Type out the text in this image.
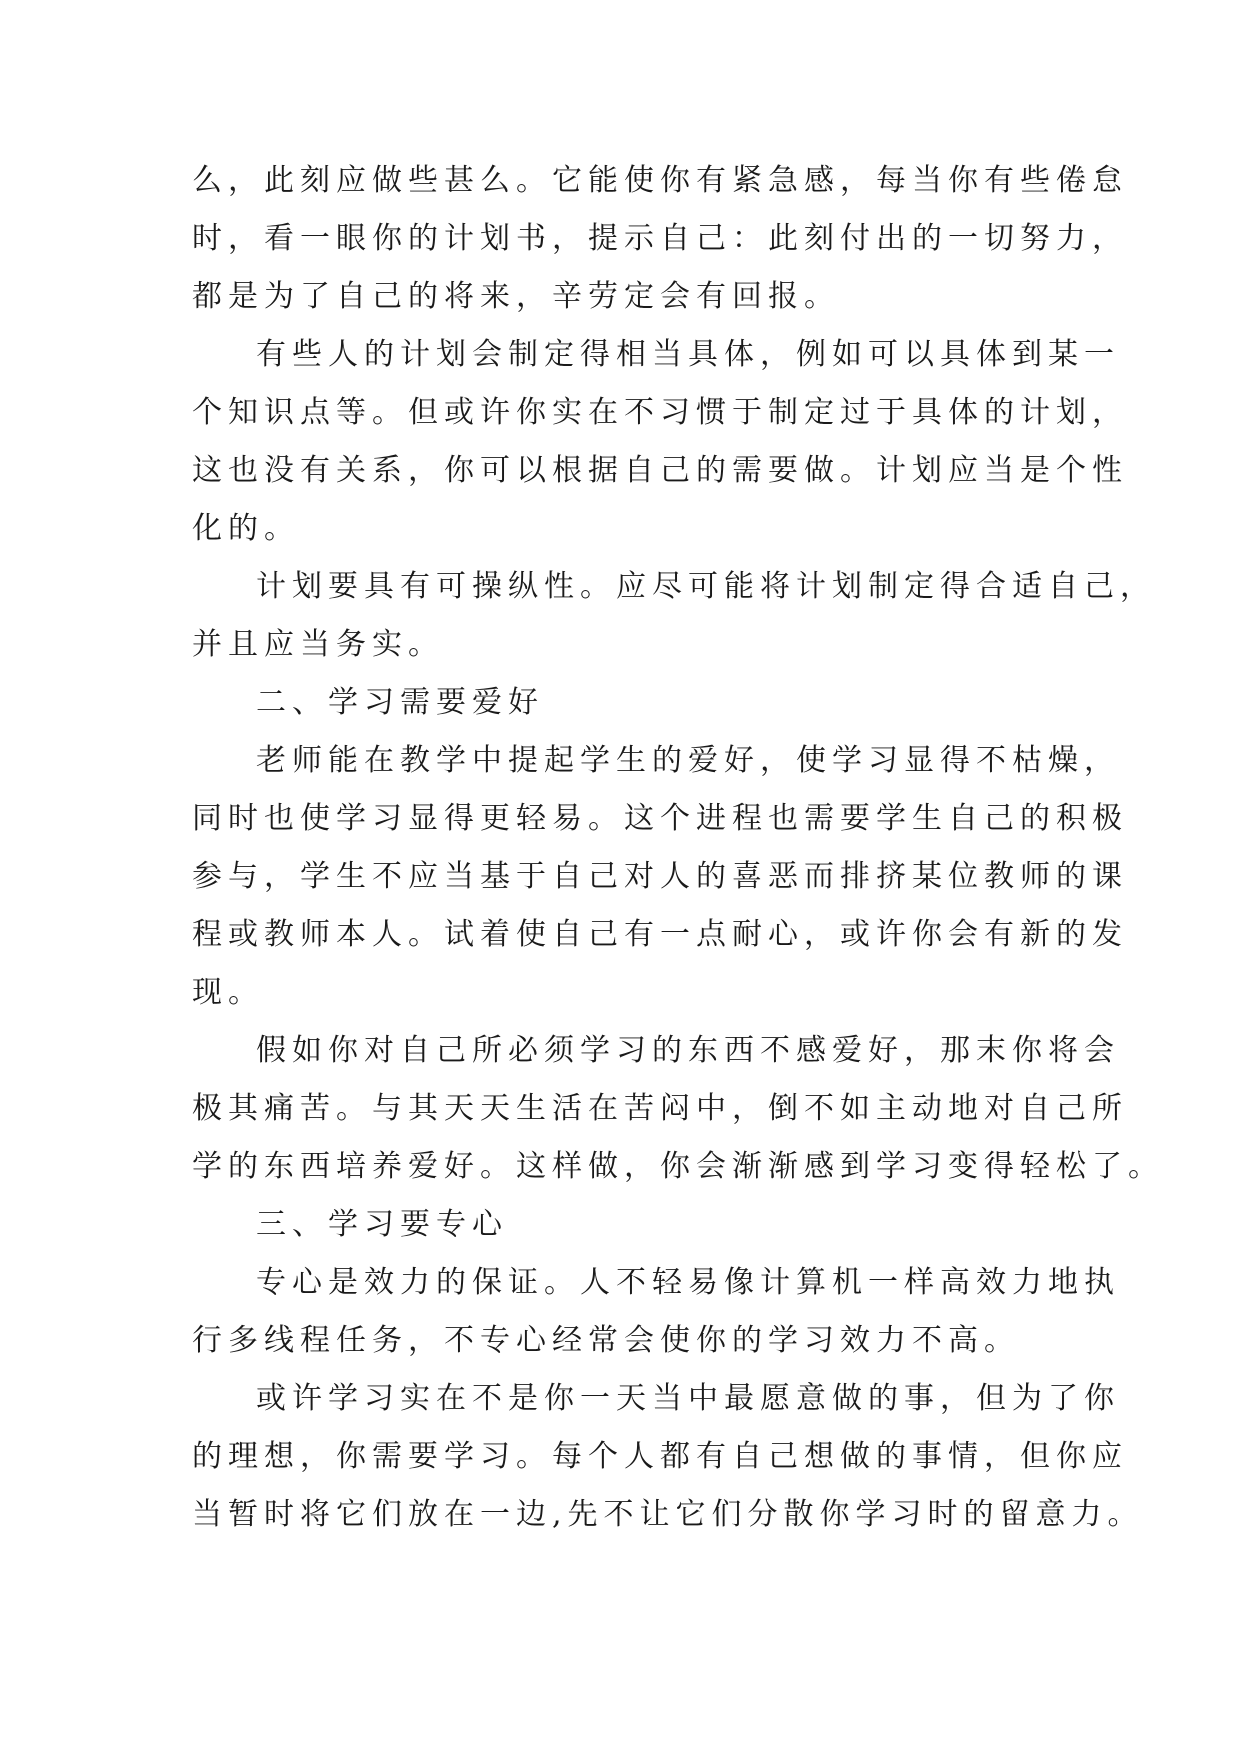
么，此刻应做些甚么。它能使你有紧急感，每当你有些倦怠
时，看一眼你的计划书，提示自己：此刻付出的一切努力，
都是为了自己的将来，辛劳定会有回报。

有些人的计划会制定得相当具体，例如可以具体到某一
个知识点等。但或许你实在不习惯于制定过于具体的计划，
这也没有关系，你可以根据自己的需要做。计划应当是个性
化的。

计划要具有可操纵性。应尽可能将计划制定得合适自己，
并且应当务实。

二、学习需要爱好

老师能在教学中提起学生的爱好，使学习显得不枯燥，
同时也使学习显得更轻易。这个进程也需要学生自己的积极
参与，学生不应当基于自己对人的喜恶而排挤某位教师的课
程或教师本人。试着使自己有一点耐心，或许你会有新的发
现。

假如你对自己所必须学习的东西不感爱好，那末你将会
极其痛苦。与其天天生活在苦闷中，倒不如主动地对自己所
学的东西培养爱好。这样做，你会渐渐感到学习变得轻松了。

三、学习要专心

专心是效力的保证。人不轻易像计算机一样高效力地执
行多线程任务，不专心经常会使你的学习效力不高。

或许学习实在不是你一天当中最愿意做的事，但为了你
的理想，你需要学习。每个人都有自己想做的事情，但你应
当暂时将它们放在一边,先不让它们分散你学习时的留意力。
